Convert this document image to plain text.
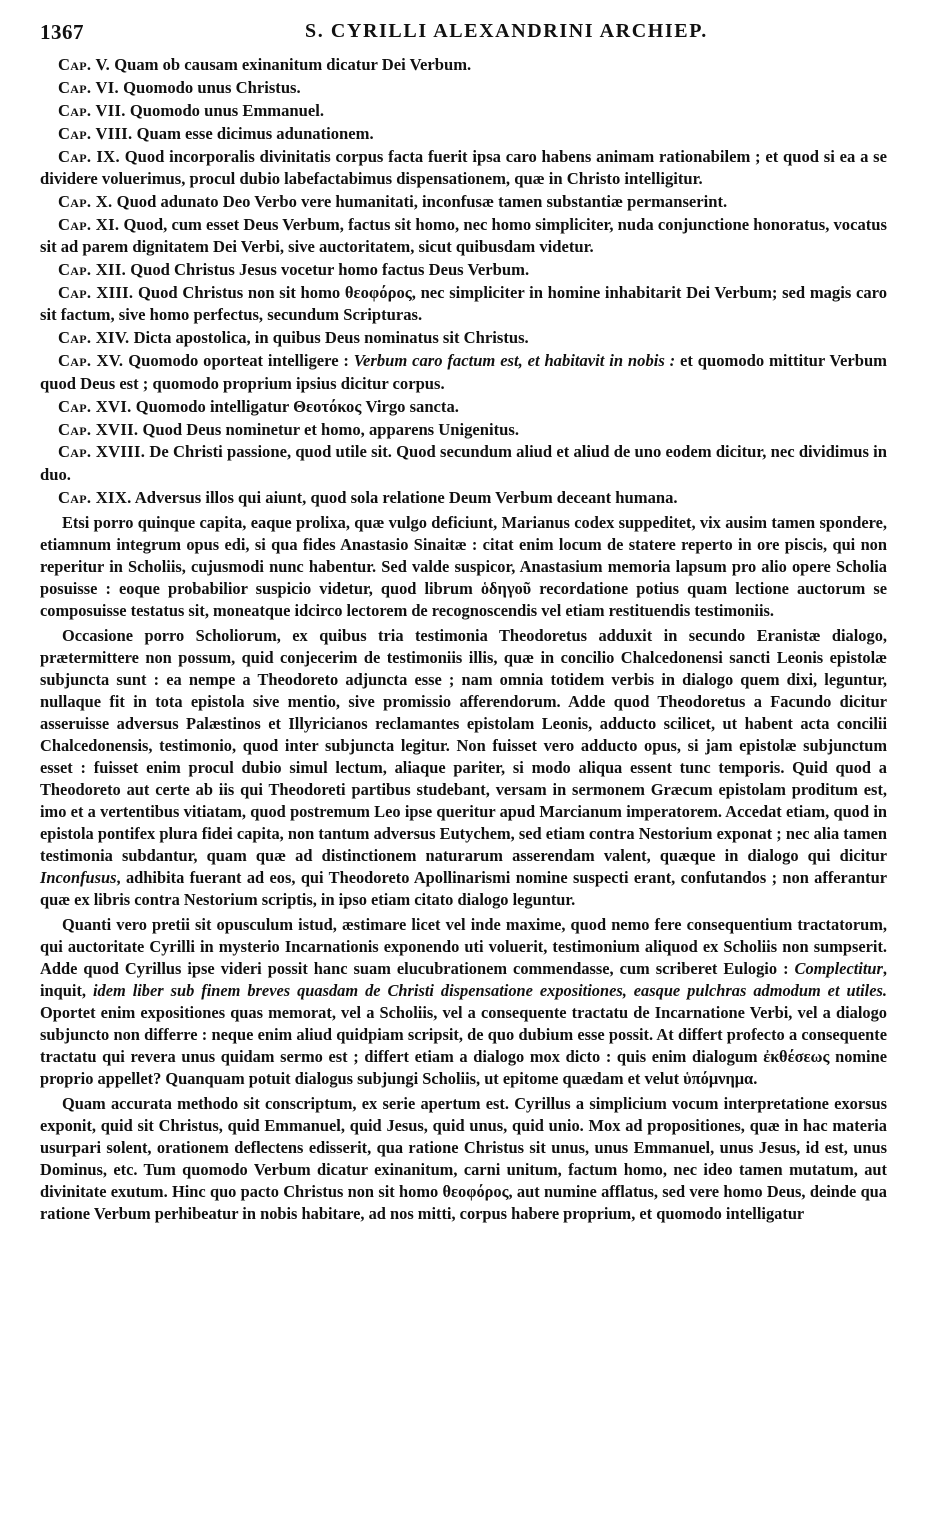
1367	S. CYRILLI ALEXANDRINI ARCHIEP.

Cap. V. Quam ob causam exinanitum dicatur Dei Verbum.

Cap. VI. Quomodo unus Christus.

Cap. VII. Quomodo unus Emmanuel.

Cap. VIII. Quam esse dicimus adunationem.

Cap. IX. Quod incorporalis divinitatis corpus facta fuerit ipsa caro habens animam rationabilem ; et quod si ea a se dividere voluerimus, procul dubio labefactabimus dispensationem, quæ in Christo intelligitur.

Cap. X. Quod adunato Deo Verbo vere humanitati, inconfusæ tamen substantiæ permanserint.

Cap. XI. Quod, cum esset Deus Verbum, factus sit homo, nec homo simpliciter, nuda conjunctione honoratus, vocatus sit ad parem dignitatem Dei Verbi, sive auctoritatem, sicut quibusdam videtur.

Cap. XII. Quod Christus Jesus vocetur homo factus Deus Verbum.

Cap. XIII. Quod Christus non sit homo θεοφόρος, nec simpliciter in homine inhabitarit Dei Verbum; sed magis caro sit factum, sive homo perfectus, secundum Scripturas.

Cap. XIV. Dicta apostolica, in quibus Deus nominatus sit Christus.

Cap. XV. Quomodo oporteat intelligere : Verbum caro factum est, et habitavit in nobis : et quomodo mittitur Verbum quod Deus est ; quomodo proprium ipsius dicitur corpus.

Cap. XVI. Quomodo intelligatur Θεοτόκος Virgo sancta.

Cap. XVII. Quod Deus nominetur et homo, apparens Unigenitus.

Cap. XVIII. De Christi passione, quod utile sit. Quod secundum aliud et aliud de uno eodem dicitur, nec dividimus in duo.

Cap. XIX. Adversus illos qui aiunt, quod sola relatione Deum Verbum deceant humana.

Etsi porro quinque capita, eaque prolixa, quæ vulgo deficiunt, Marianus codex suppeditet, vix ausim tamen spondere, etiamnum integrum opus edi, si qua fides Anastasio Sinaitæ : citat enim locum de statere reperto in ore piscis, qui non reperitur in Scholiis, cujusmodi nunc habentur. Sed valde suspicor, Anastasium memoria lapsum pro alio opere Scholia posuisse : eoque probabilior suspicio videtur, quod librum ὁδηγοῦ recordatione potius quam lectione auctorum se composuisse testatus sit, moneatque idcirco lectorem de recognoscendis vel etiam restituendis testimoniis.

Occasione porro Scholiorum, ex quibus tria testimonia Theodoretus adduxit in secundo Eranistæ dialogo, prætermittere non possum, quid conjecerim de testimoniis illis, quæ in concilio Chalcedonensi sancti Leonis epistolæ subjuncta sunt : ea nempe a Theodoreto adjuncta esse ; nam omnia totidem verbis in dialogo quem dixi, leguntur, nullaque fit in tota epistola sive mentio, sive promissio afferendorum. Adde quod Theodoretus a Facundo dicitur asseruisse adversus Palæstinos et Illyricianos reclamantes epistolam Leonis, adducto scilicet, ut habent acta concilii Chalcedonensis, testimonio, quod inter subjuncta legitur. Non fuisset vero adducto opus, si jam epistolæ subjunctum esset : fuisset enim procul dubio simul lectum, aliaque pariter, si modo aliqua essent tunc temporis. Quid quod a Theodoreto aut certe ab iis qui Theodoreti partibus studebant, versam in sermonem Græcum epistolam proditum est, imo et a vertentibus vitiatam, quod postremum Leo ipse queritur apud Marcianum imperatorem. Accedat etiam, quod in epistola pontifex plura fidei capita, non tantum adversus Eutychem, sed etiam contra Nestorium exponat ; nec alia tamen testimonia subdantur, quam quæ ad distinctionem naturarum asserendam valent, quæque in dialogo qui dicitur Inconfusus, adhibita fuerant ad eos, qui Theodoreto Apollinarismi nomine suspecti erant, confutandos ; non afferantur quæ ex libris contra Nestorium scriptis, in ipso etiam citato dialogo leguntur.

Quanti vero pretii sit opusculum istud, æstimare licet vel inde maxime, quod nemo fere consequentium tractatorum, qui auctoritate Cyrilli in mysterio Incarnationis exponendo uti voluerit, testimonium aliquod ex Scholiis non sumpserit. Adde quod Cyrillus ipse videri possit hanc suam elucubrationem commendasse, cum scriberet Eulogio : Complectitur, inquit, idem liber sub finem breves quasdam de Christi dispensatione expositiones, easque pulchras admodum et utiles. Oportet enim expositiones quas memorat, vel a Scholiis, vel a consequente tractatu de Incarnatione Verbi, vel a dialogo subjuncto non differre : neque enim aliud quidpiam scripsit, de quo dubium esse possit. At differt profecto a consequente tractatu qui revera unus quidam sermo est ; differt etiam a dialogo mox dicto : quis enim dialogum ἐκθέσεως nomine proprio appellet? Quanquam potuit dialogus subjungi Scholiis, ut epitome quædam et velut ὑπόμνημα.

Quam accurata methodo sit conscriptum, ex serie apertum est. Cyrillus a simplicium vocum interpretatione exorsus exponit, quid sit Christus, quid Emmanuel, quid Jesus, quid unus, quid unio. Mox ad propositiones, quæ in hac materia usurpari solent, orationem deflectens edisserit, qua ratione Christus sit unus, unus Emmanuel, unus Jesus, id est, unus Dominus, etc. Tum quomodo Verbum dicatur exinanitum, carni unitum, factum homo, nec ideo tamen mutatum, aut divinitate exutum. Hinc quo pacto Christus non sit homo θεοφόρος, aut numine afflatus, sed vere homo Deus, deinde qua ratione Verbum perhibeatur in nobis habitare, ad nos mitti, corpus habere proprium, et quomodo intelligatur
